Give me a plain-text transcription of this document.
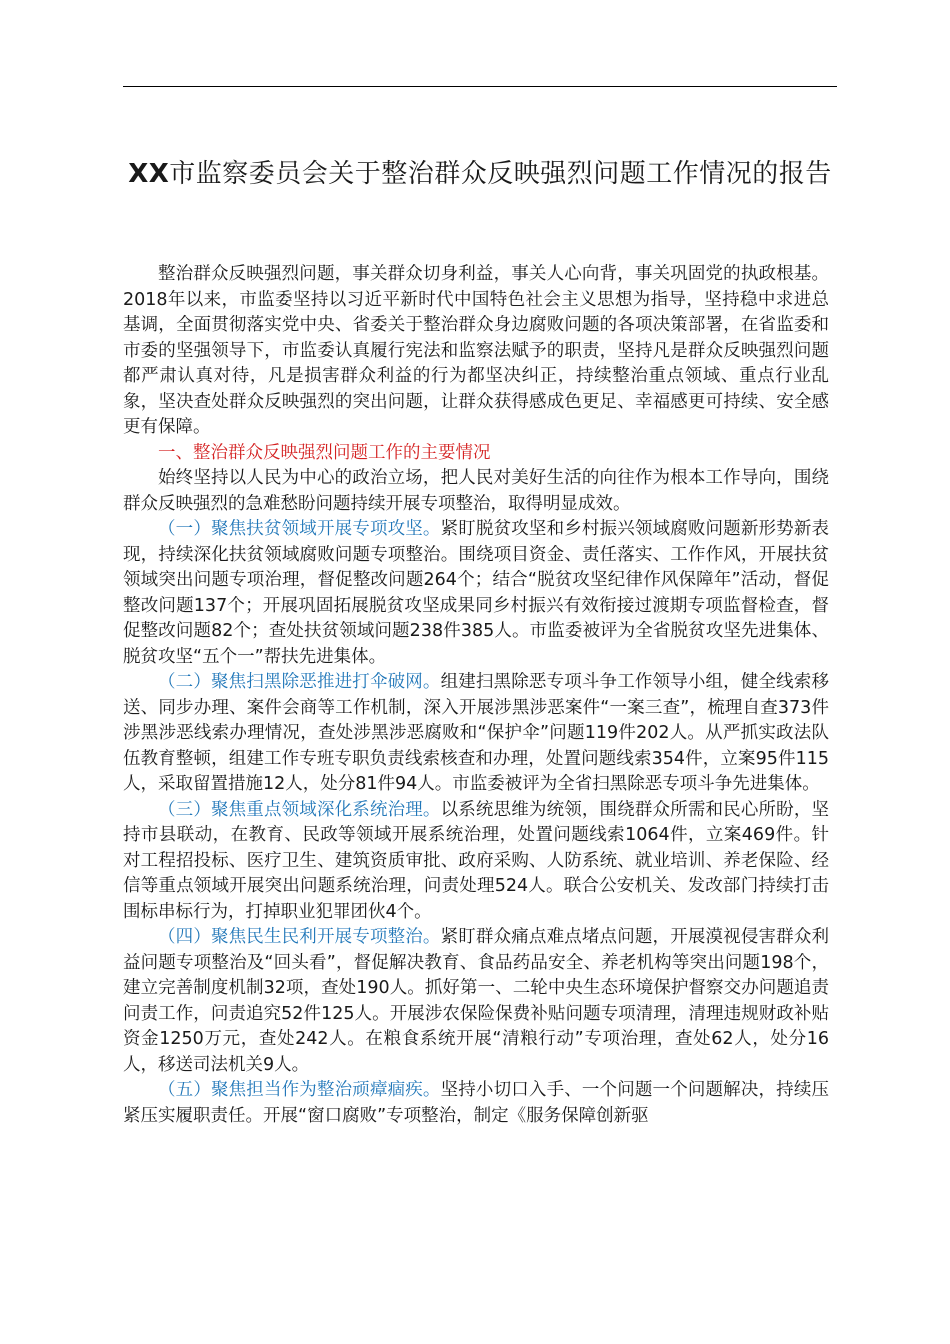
XX市监察委员会关于整治群众反映强烈问题工作情况的报告

整治群众反映强烈问题，事关群众切身利益，事关人心向背，事关巩固党的执政根基。2018年以来，市监委坚持以习近平新时代中国特色社会主义思想为指导，坚持稳中求进总基调，全面贯彻落实党中央、省委关于整治群众身边腐败问题的各项决策部署，在省监委和市委的坚强领导下，市监委认真履行宪法和监察法赋予的职责，坚持凡是群众反映强烈问题都严肃认真对待，凡是损害群众利益的行为都坚决纠正，持续整治重点领域、重点行业乱象，坚决查处群众反映强烈的突出问题，让群众获得感成色更足、幸福感更可持续、安全感更有保障。

一、整治群众反映强烈问题工作的主要情况

始终坚持以人民为中心的政治立场，把人民对美好生活的向往作为根本工作导向，围绕群众反映强烈的急难愁盼问题持续开展专项整治，取得明显成效。

（一）聚焦扶贫领域开展专项攻坚。紧盯脱贫攻坚和乡村振兴领域腐败问题新形势新表现，持续深化扶贫领域腐败问题专项整治。围绕项目资金、责任落实、工作作风，开展扶贫领域突出问题专项治理，督促整改问题264个；结合“脱贫攻坚纪律作风保障年”活动，督促整改问题137个；开展巩固拓展脱贫攻坚成果同乡村振兴有效衔接过渡期专项监督检查，督促整改问题82个；查处扶贫领域问题238件385人。市监委被评为全省脱贫攻坚先进集体、脱贫攻坚“五个一”帮扶先进集体。

（二）聚焦扫黑除恶推进打伞破网。组建扫黑除恶专项斗争工作领导小组，健全线索移送、同步办理、案件会商等工作机制，深入开展涉黑涉恶案件“一案三查”，梳理自查373件涉黑涉恶线索办理情况，查处涉黑涉恶腐败和“保护伞”问题119件202人。从严抓实政法队伍教育整顿，组建工作专班专职负责线索核查和办理，处置问题线索354件，立案95件115人，采取留置措施12人，处分81件94人。市监委被评为全省扫黑除恶专项斗争先进集体。

（三）聚焦重点领域深化系统治理。以系统思维为统领，围绕群众所需和民心所盼，坚持市县联动，在教育、民政等领域开展系统治理，处置问题线索1064件，立案469件。针对工程招投标、医疗卫生、建筑资质审批、政府采购、人防系统、就业培训、养老保险、经信等重点领域开展突出问题系统治理，问责处理524人。联合公安机关、发改部门持续打击围标串标行为，打掉职业犯罪团伙4个。

（四）聚焦民生民利开展专项整治。紧盯群众痛点难点堵点问题，开展漠视侵害群众利益问题专项整治及“回头看”，督促解决教育、食品药品安全、养老机构等突出问题198个，建立完善制度机制32项，查处190人。抓好第一、二轮中央生态环境保护督察交办问题追责问责工作，问责追究52件125人。开展涉农保险保费补贴问题专项清理，清理违规财政补贴资金1250万元，查处242人。在粮食系统开展“清粮行动”专项治理，查处62人，处分16人，移送司法机关9人。

（五）聚焦担当作为整治顽瘴痼疾。坚持小切口入手、一个问题一个问题解决，持续压紧压实履职责任。开展“窗口腐败”专项整治，制定《服务保障创新驱
